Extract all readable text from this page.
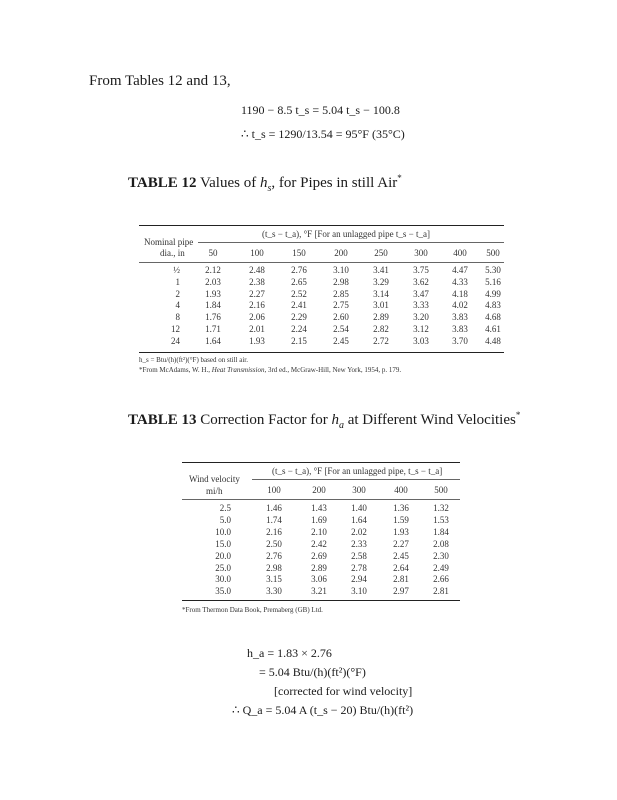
From Tables 12 and 13,
1190 − 8.5 t_s = 5.04 t_s − 100.8
∴ t_s = 1290/13.54 = 95°F (35°C)
TABLE 12 Values of $h_s$, for Pipes in still Air*
Nominal pipe
dia., in
(t_s − t_a), °F [For an unlagged pipe t_s − t_a]
50	100	150	200	250	300	400 500
½	2.12	2.48	2.76	3.10	3.41	3.75	4.47 5.30
1	2.03	2.38	2.65	2.98	3.29	3.62	4.33 5.16
2	1.93	2.27	2.52	2.85	3.14	3.47	4.18 4.99
4	1.84	2.16	2.41	2.75	3.01	3.33	4.02 4.83
8	1.76	2.06	2.29	2.60	2.89	3.20	3.83 4.68
12	1.71	2.01	2.24	2.54	2.82	3.12	3.83 4.61
24	1.64	1.93	2.15	2.45	2.72	3.03	3.70 4.48
h_s = Btu/(h)(ft²)(°F) based on still air.
*From McAdams, W. H., Heat Transmission, 3rd ed., McGraw-Hill, New York, 1954, p. 179.
TABLE 13 Correction Factor for $h_a$ at Different Wind Velocities*
Wind velocity
mi/h
(t_s − t_a), °F [For an unlagged pipe, t_s − t_a]
100	200	300	400	500
2.5	1.46	1.43	1.40	1.36	1.32
5.0	1.74	1.69	1.64	1.59	1.53
10.0	2.16	2.10	2.02	1.93	1.84
15.0	2.50	2.42	2.33	2.27	2.08
20.0	2.76	2.69	2.58	2.45	2.30
25.0	2.98	2.89	2.78	2.64	2.49
30.0	3.15	3.06	2.94	2.81	2.66
35.0	3.30	3.21	3.10	2.97	2.81
*From Thermon Data Book, Premaberg (GB) Ltd.
h_a = 1.83 × 2.76
= 5.04 Btu/(h)(ft²)(°F)
[corrected for wind velocity]
∴ Q_a = 5.04 A (t_s − 20) Btu/(h)(ft²)
